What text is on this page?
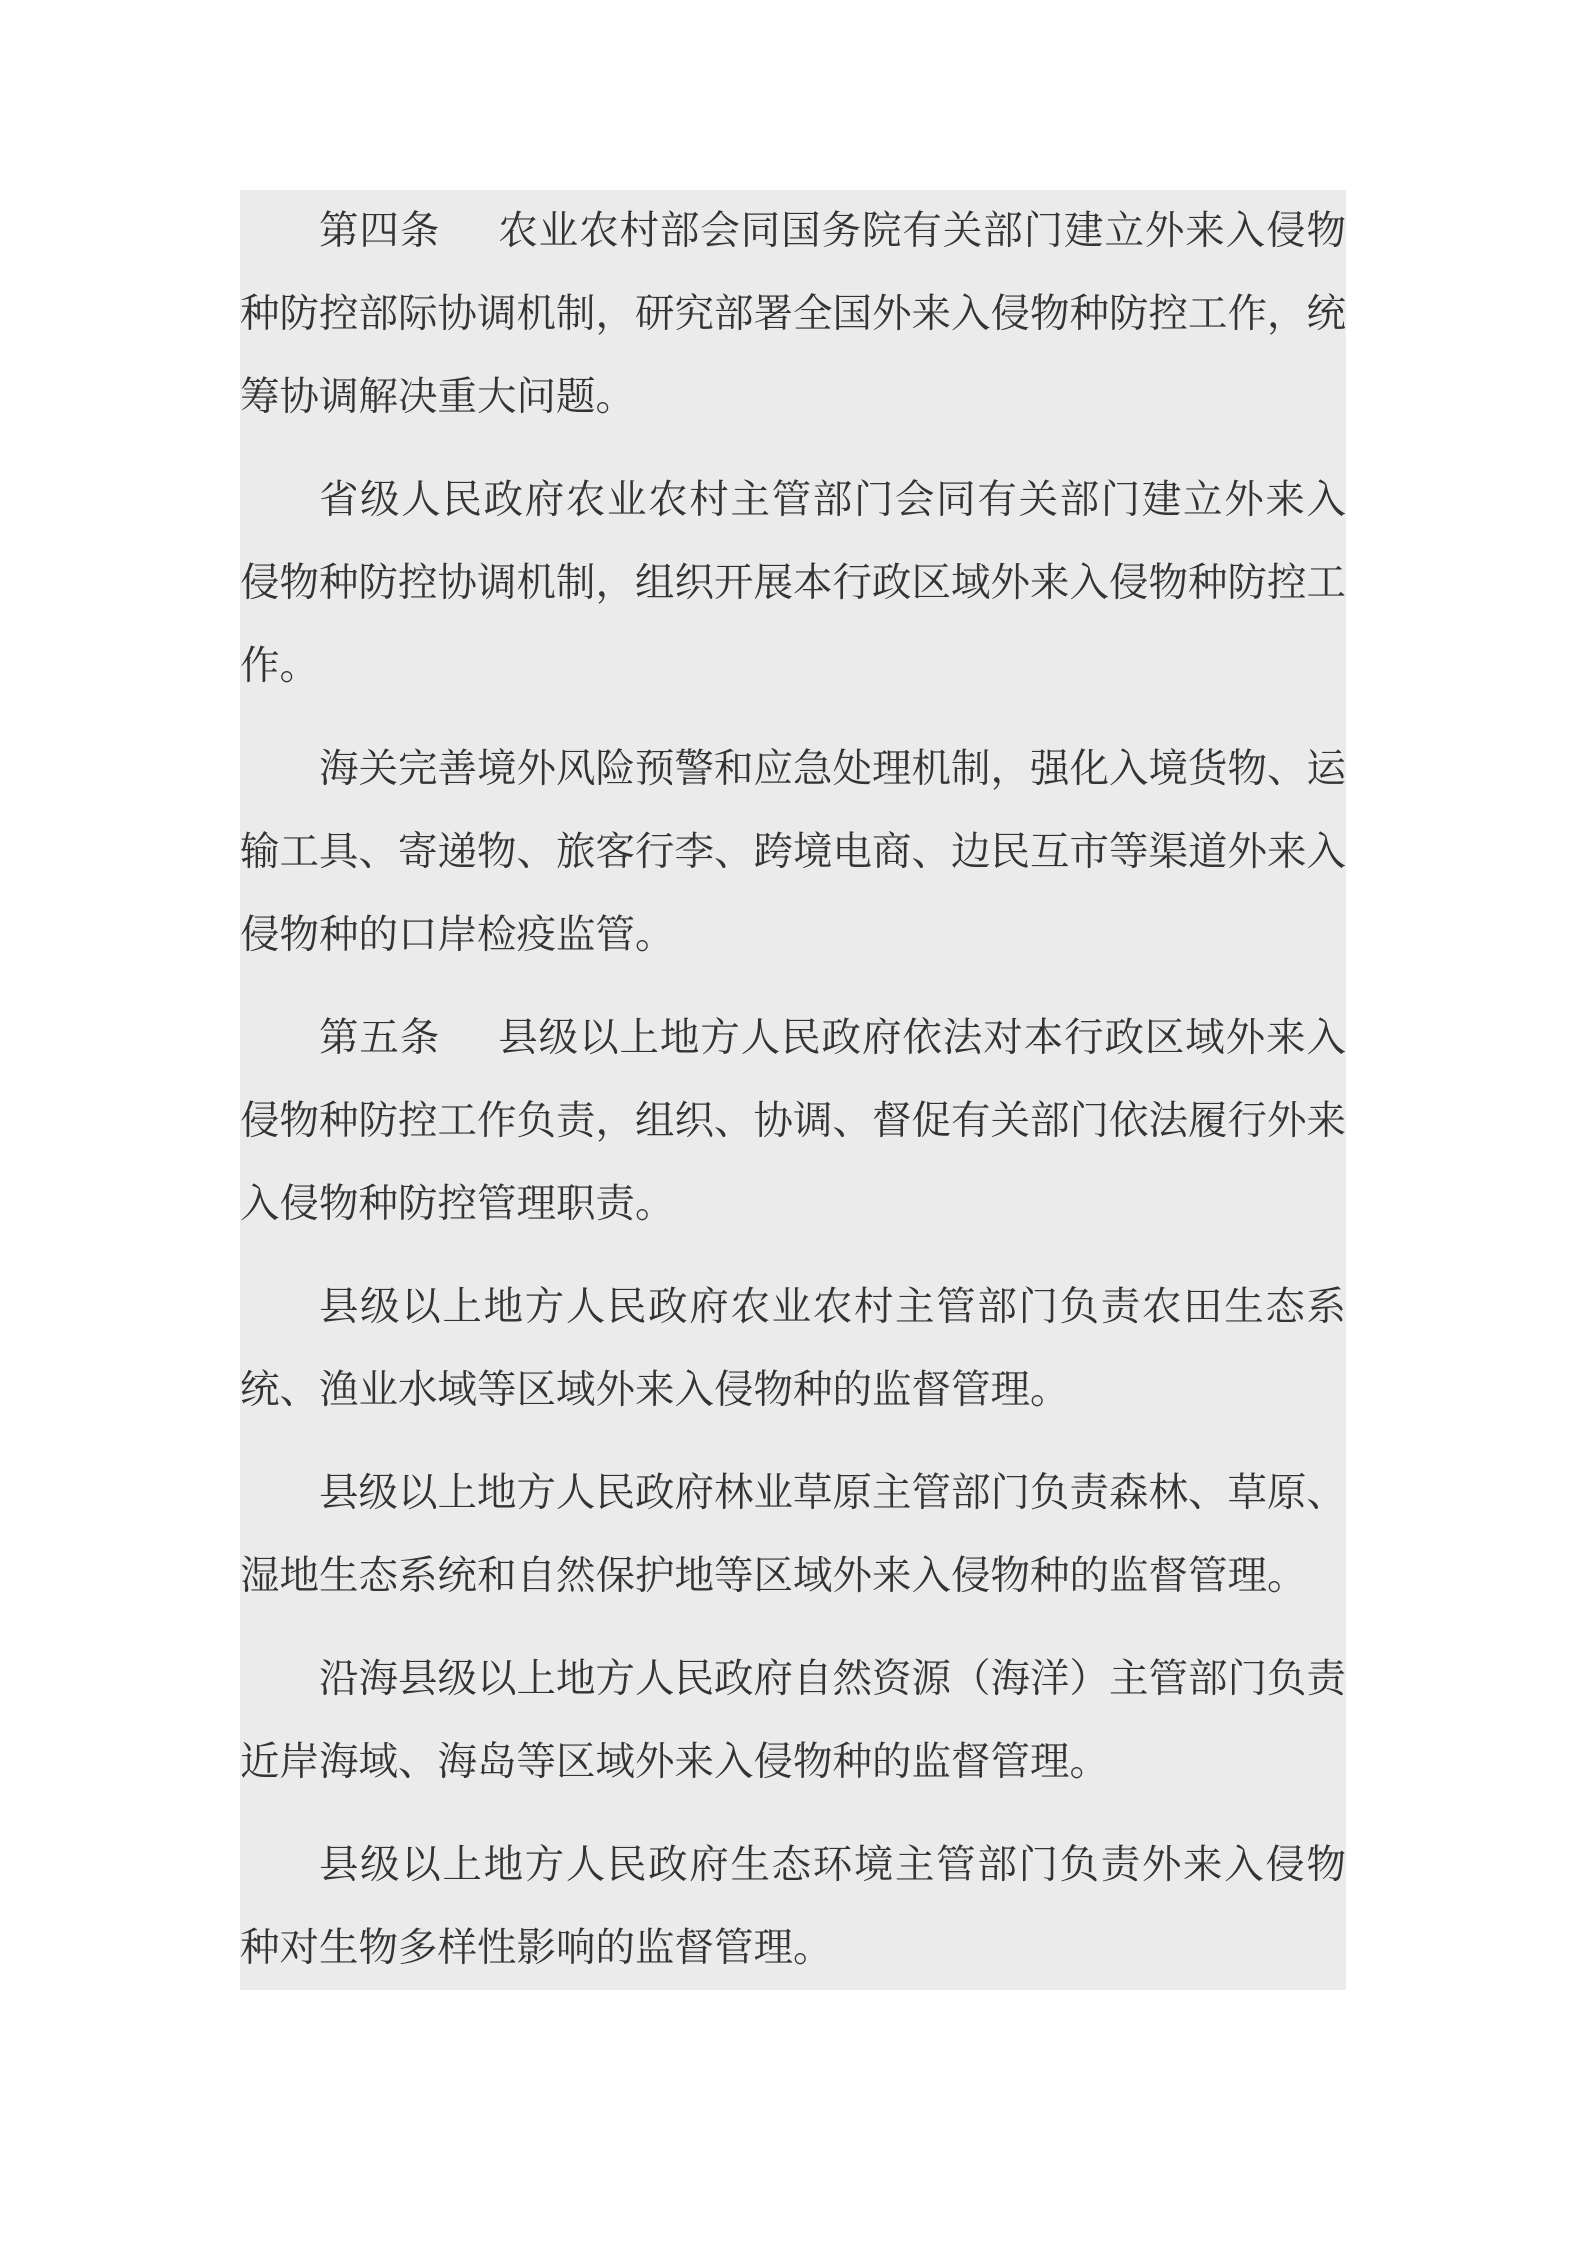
第四条 农业农村部会同国务院有关部门建立外来入侵物
种防控部际协调机制，研究部署全国外来入侵物种防控工作，统
筹协调解决重大问题。
省级人民政府农业农村主管部门会同有关部门建立外来入
侵物种防控协调机制，组织开展本行政区域外来入侵物种防控工
作。
海关完善境外风险预警和应急处理机制，强化入境货物、运
输工具、寄递物、旅客行李、跨境电商、边民互市等渠道外来入
侵物种的口岸检疫监管。
第五条 县级以上地方人民政府依法对本行政区域外来入
侵物种防控工作负责，组织、协调、督促有关部门依法履行外来
入侵物种防控管理职责。
县级以上地方人民政府农业农村主管部门负责农田生态系
统、渔业水域等区域外来入侵物种的监督管理。
县级以上地方人民政府林业草原主管部门负责森林、草原、
湿地生态系统和自然保护地等区域外来入侵物种的监督管理。
沿海县级以上地方人民政府自然资源（海洋）主管部门负责
近岸海域、海岛等区域外来入侵物种的监督管理。
县级以上地方人民政府生态环境主管部门负责外来入侵物
种对生物多样性影响的监督管理。
